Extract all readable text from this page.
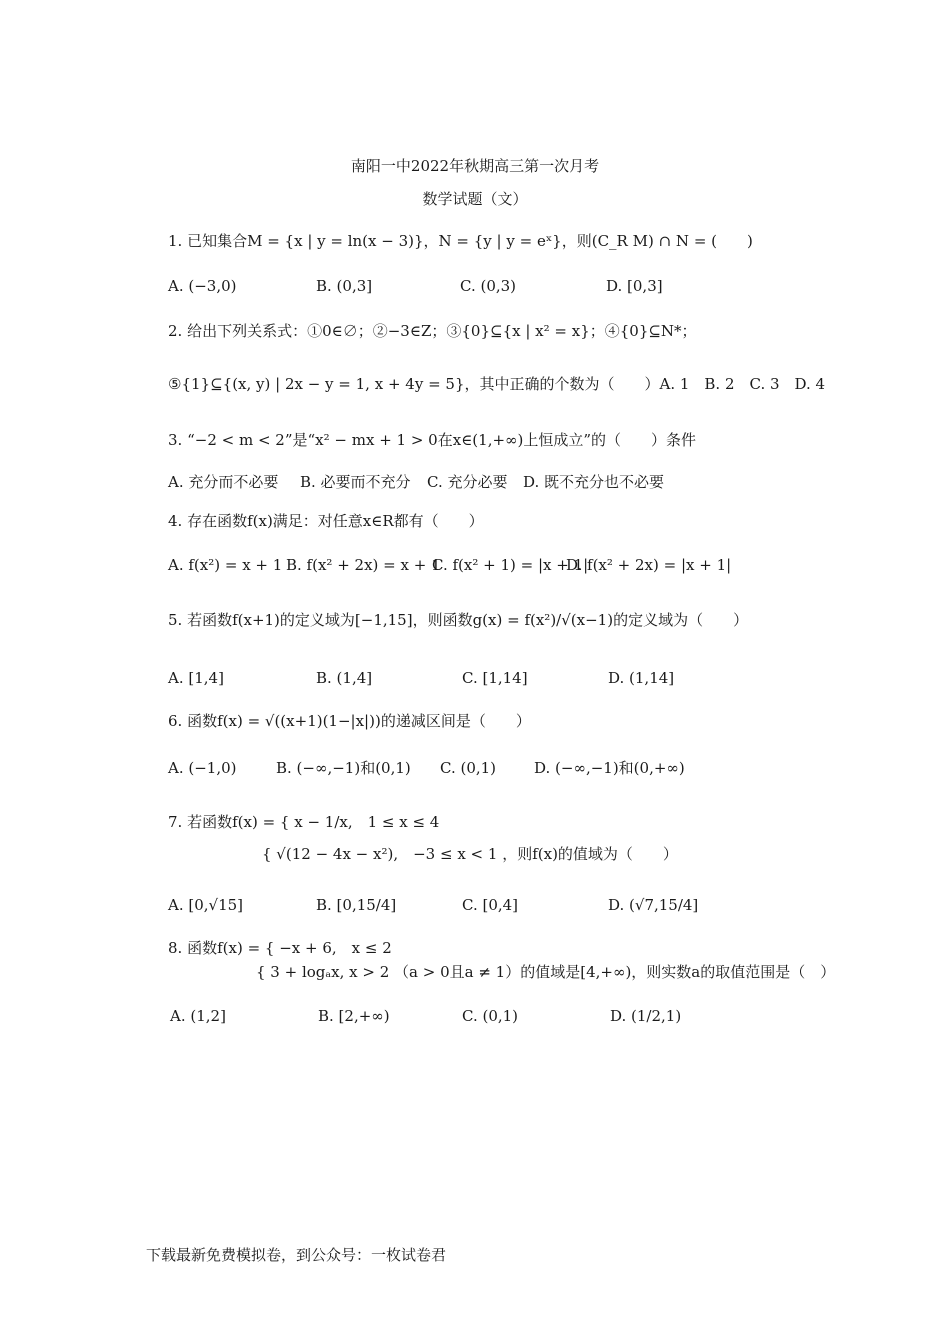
南阳一中2022年秋期高三第一次月考
数学试题（文）
1. 已知集合M = {x | y = ln(x − 3)}，N = {y | y = eˣ}，则(C_R M) ∩ N = (　　)
A. (−3,0)	B. (0,3]	C. (0,3)	D. [0,3]
2. 给出下列关系式：①0∈∅；②−3∈Z；③{0}⊆{x | x² = x}；④{0}⊆N*；
⑤{1}⊆{(x, y) | 2x − y = 1, x + 4y = 5}，其中正确的个数为（　　）A. 1　B. 2　C. 3　D. 4
3. “−2 < m < 2”是“x² − mx + 1 > 0在x∈(1,+∞)上恒成立”的（　　）条件
A. 充分而不必要 B. 必要而不充分 C. 充分必要 D. 既不充分也不必要
4. 存在函数f(x)满足：对任意x∈R都有（　　）
A. f(x²) = x + 1 B. f(x² + 2x) = x + 1
C. f(x² + 1) = |x + 1|
D. f(x² + 2x) = |x + 1|
5. 若函数f(x+1)的定义域为[−1,15]，则函数g(x) = f(x²)/√(x−1)的定义域为（　　）
A. [1,4]	B. (1,4]	C. [1,14]	D. (1,14]
6. 函数f(x) = √((x+1)(1−|x|))的递减区间是（　　）
A. (−1,0)	B. (−∞,−1)和(0,1) C. (0,1)	D. (−∞,−1)和(0,+∞)
7. 若函数f(x) = { x − 1/x,　1 ≤ x ≤ 4
{ √(12 − 4x − x²),　−3 ≤ x < 1 ，则f(x)的值域为（　　）
A. [0,√15]	B. [0,15/4]	C. [0,4]	D. (√7,15/4]
8. 函数f(x) = { −x + 6,　x ≤ 2
{ 3 + logₐx, x > 2 （a > 0且a ≠ 1）的值域是[4,+∞)，则实数a的取值范围是（　）
A. (1,2]	B. [2,+∞)	C. (0,1)	D. (1/2,1)
下载最新免费模拟卷，到公众号：一枚试卷君
